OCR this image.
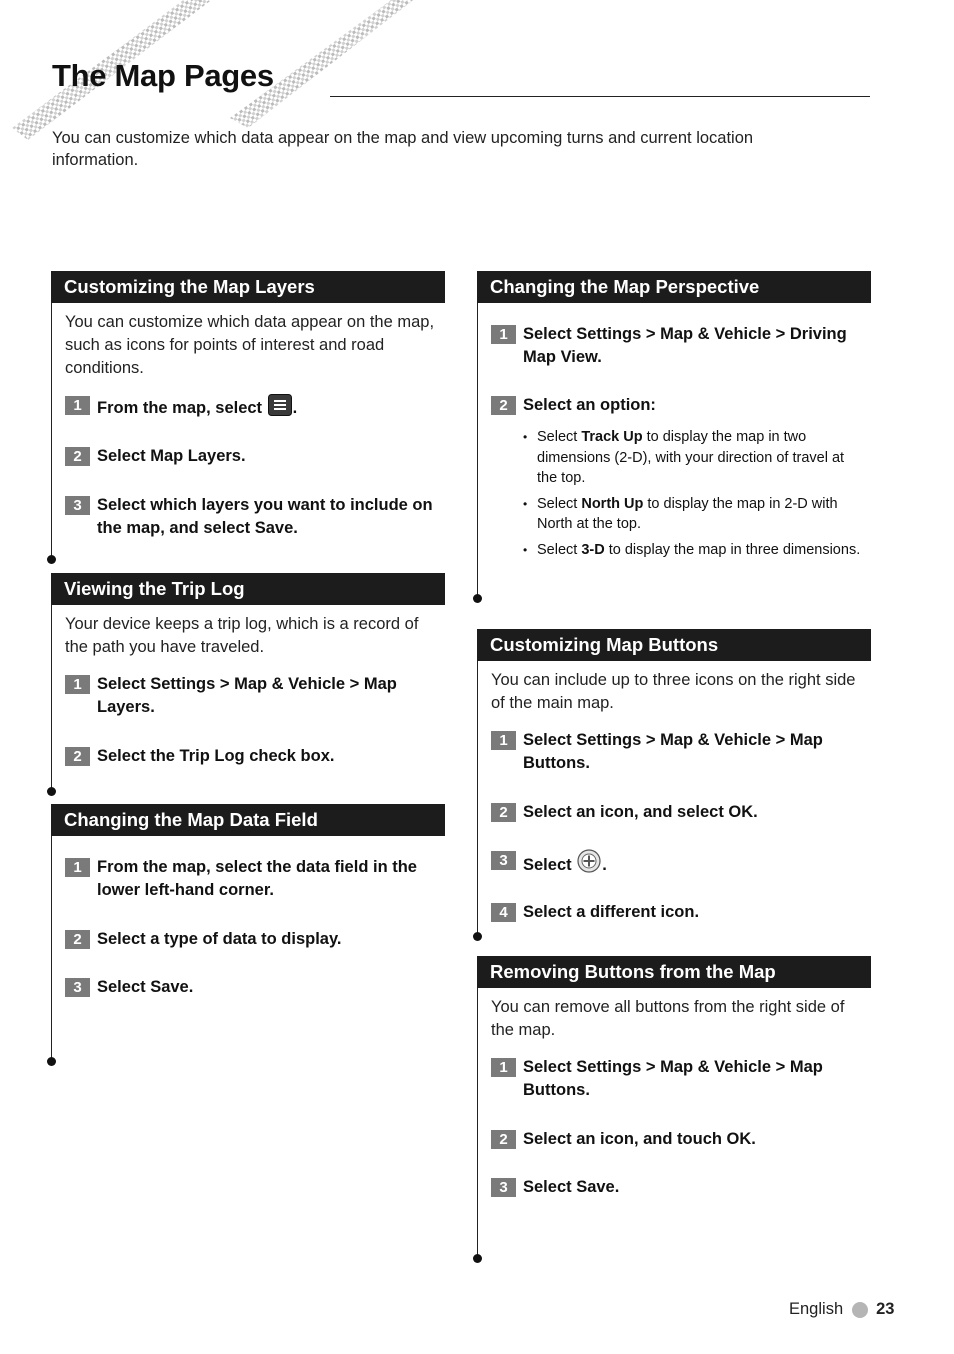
The Map Pages

You can customize which data appear on the map and view upcoming turns and current location information.

Customizing the Map Layers

You can customize which data appear on the map, such as icons for points of interest and road conditions.

1 From the map, select .
2 Select Map Layers.
3 Select which layers you want to include on the map, and select Save.
Viewing the Trip Log

Your device keeps a trip log, which is a record of the path you have traveled.

1 Select Settings > Map & Vehicle > Map Layers.
2 Select the Trip Log check box.
Changing the Map Data Field
1 From the map, select the data field in the lower left-hand corner.
2 Select a type of data to display.
3 Select Save.
Changing the Map Perspective
1 Select Settings > Map & Vehicle > Driving Map View.
2 Select an option:
• Select Track Up to display the map in two dimensions (2-D), with your direction of travel at the top.
• Select North Up to display the map in 2-D with North at the top.
• Select 3-D to display the map in three dimensions.
Customizing Map Buttons

You can include up to three icons on the right side of the main map.

1 Select Settings > Map & Vehicle > Map Buttons.
2 Select an icon, and select OK.
3 Select .
4 Select a different icon.
Removing Buttons from the Map

You can remove all buttons from the right side of the map.

1 Select Settings > Map & Vehicle > Map Buttons.
2 Select an icon, and touch OK.
3 Select Save.
English 23
